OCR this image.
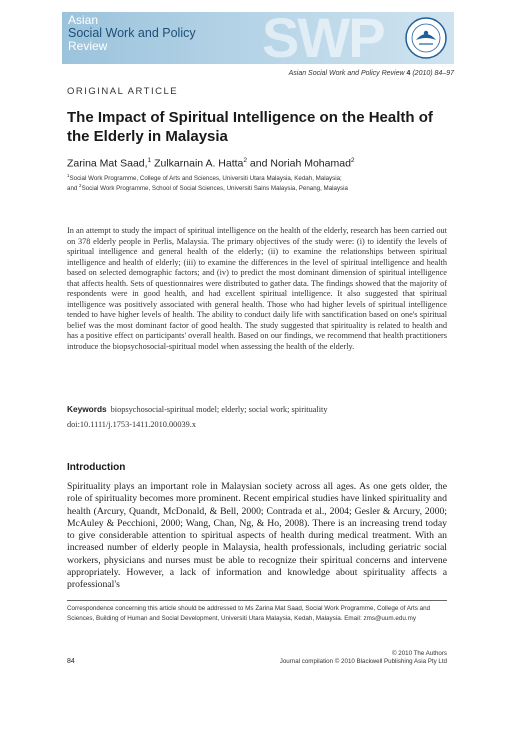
SWP
Asian
Social Work and Policy
Review
Asian Social Work and Policy Review 4 (2010) 84–97
ORIGINAL ARTICLE
The Impact of Spiritual Intelligence on the Health of the Elderly in Malaysia
Zarina Mat Saad,$^1$ Zulkarnain A. Hatta$^2$ and Noriah Mohamad$^2$
$^1$Social Work Programme, College of Arts and Sciences, Universiti Utara Malaysia, Kedah, Malaysia;
and $^2$Social Work Programme, School of Social Sciences, Universiti Sains Malaysia, Penang, Malaysia
In an attempt to study the impact of spiritual intelligence on the health of the elderly, research has been carried out on 378 elderly people in Perlis, Malaysia. The primary objectives of the study were: (i) to identify the levels of spiritual intelligence and general health of the elderly; (ii) to examine the relationships between spiritual intelligence and health of elderly; (iii) to examine the differences in the level of spiritual intelligence and health based on selected demographic factors; and (iv) to predict the most dominant dimension of spiritual intelligence that affects health. Sets of questionnaires were distributed to gather data. The findings showed that the majority of respondents were in good health, and had excellent spiritual intelligence. It also suggested that spiritual intelligence was positively associated with general health. Those who had higher levels of spiritual intelligence tended to have higher levels of health. The ability to conduct daily life with sanctification based on one's spiritual belief was the most dominant factor of good health. The study suggested that spirituality is related to health and has a positive effect on participants' overall health. Based on our findings, we recommend that health practitioners introduce the biopsychosocial-spiritual model when assessing the health of the elderly.
Keywords biopsychosocial-spiritual model; elderly; social work; spirituality
doi:10.1111/j.1753-1411.2010.00039.x
Introduction
Spirituality plays an important role in Malaysian society across all ages. As one gets older, the role of spirituality becomes more prominent. Recent empirical studies have linked spirituality and health (Arcury, Quandt, McDonald, & Bell, 2000; Contrada et al., 2004; Gesler & Arcury, 2000; McAuley & Pecchioni, 2000; Wang, Chan, Ng, & Ho, 2008). There is an increasing trend today to give considerable attention to spiritual aspects of health during medical treatment. With an increased number of elderly people in Malaysia, health professionals, including geriatric social workers, physicians and nurses must be able to recognize their spiritual concerns and intervene appropriately. However, a lack of information and knowledge about spirituality affects a professional's
Correspondence concerning this article should be addressed to Ms Zarina Mat Saad, Social Work Programme, College of Arts and Sciences, Building of Human and Social Development, Universiti Utara Malaysia, Kedah, Malaysia. Email: zms@uum.edu.my
84
© 2010 The Authors
Journal compilation © 2010 Blackwell Publishing Asia Pty Ltd
